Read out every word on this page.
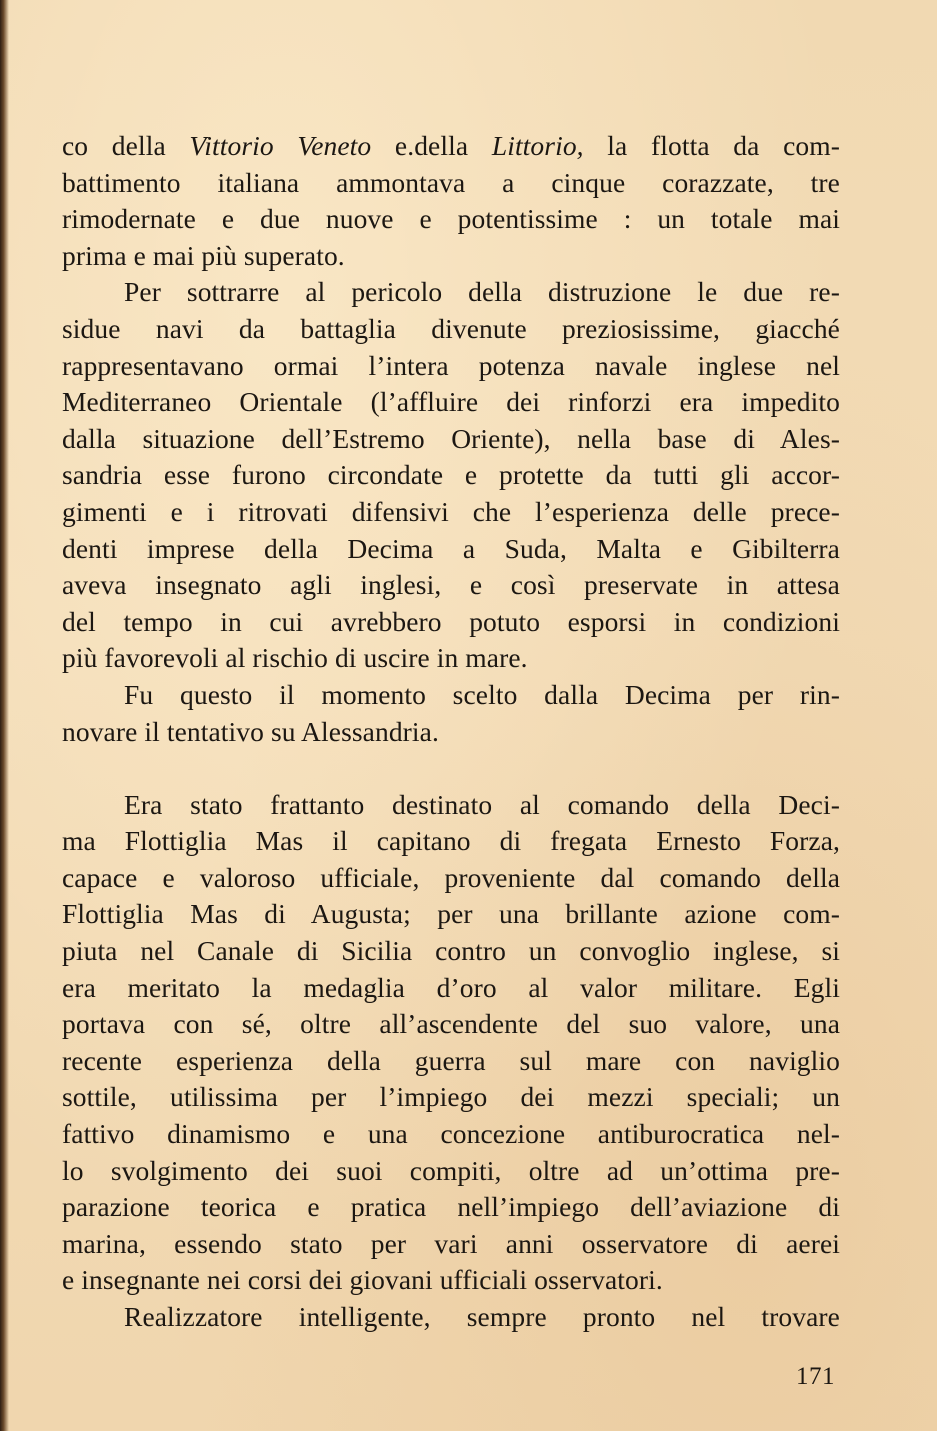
co della Vittorio Veneto e.della Littorio, la flotta da com-
battimento italiana ammontava a cinque corazzate, tre
rimodernate e due nuove e potentissime : un totale mai
prima e mai più superato.
Per sottrarre al pericolo della distruzione le due re-
sidue navi da battaglia divenute preziosissime, giacché
rappresentavano ormai l’intera potenza navale inglese nel
Mediterraneo Orientale (l’affluire dei rinforzi era impedito
dalla situazione dell’Estremo Oriente), nella base di Ales-
sandria esse furono circondate e protette da tutti gli accor-
gimenti e i ritrovati difensivi che l’esperienza delle prece-
denti imprese della Decima a Suda, Malta e Gibilterra
aveva insegnato agli inglesi, e così preservate in attesa
del tempo in cui avrebbero potuto esporsi in condizioni
più favorevoli al rischio di uscire in mare.
Fu questo il momento scelto dalla Decima per rin-
novare il tentativo su Alessandria.
Era stato frattanto destinato al comando della Deci-
ma Flottiglia Mas il capitano di fregata Ernesto Forza,
capace e valoroso ufficiale, proveniente dal comando della
Flottiglia Mas di Augusta; per una brillante azione com-
piuta nel Canale di Sicilia contro un convoglio inglese, si
era meritato la medaglia d’oro al valor militare. Egli
portava con sé, oltre all’ascendente del suo valore, una
recente esperienza della guerra sul mare con naviglio
sottile, utilissima per l’impiego dei mezzi speciali; un
fattivo dinamismo e una concezione antiburocratica nel-
lo svolgimento dei suoi compiti, oltre ad un’ottima pre-
parazione teorica e pratica nell’impiego dell’aviazione di
marina, essendo stato per vari anni osservatore di aerei
e insegnante nei corsi dei giovani ufficiali osservatori.
Realizzatore intelligente, sempre pronto nel trovare
171
